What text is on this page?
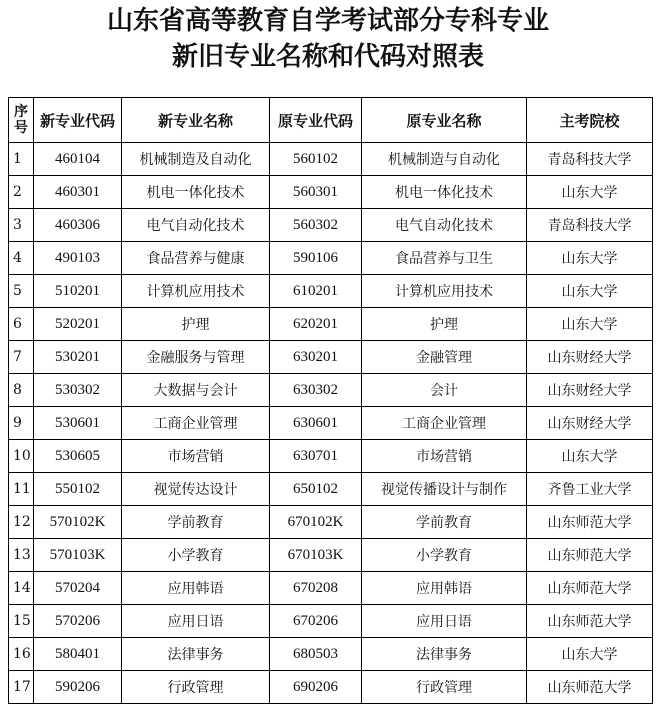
山东省高等教育自学考试部分专科专业
新旧专业名称和代码对照表
序号	新专业代码	新专业名称	原专业代码	原专业名称	主考院校
1	460104	机械制造及自动化	560102	机械制造与自动化	青岛科技大学
2	460301	机电一体化技术	560301	机电一体化技术	山东大学
3	460306	电气自动化技术	560302	电气自动化技术	青岛科技大学
4	490103	食品营养与健康	590106	食品营养与卫生	山东大学
5	510201	计算机应用技术	610201	计算机应用技术	山东大学
6	520201	护理	620201	护理	山东大学
7	530201	金融服务与管理	630201	金融管理	山东财经大学
8	530302	大数据与会计	630302	会计	山东财经大学
9	530601	工商企业管理	630601	工商企业管理	山东财经大学
10	530605	市场营销	630701	市场营销	山东大学
11	550102	视觉传达设计	650102	视觉传播设计与制作	齐鲁工业大学
12	570102K	学前教育	670102K	学前教育	山东师范大学
13	570103K	小学教育	670103K	小学教育	山东师范大学
14	570204	应用韩语	670208	应用韩语	山东师范大学
15	570206	应用日语	670206	应用日语	山东师范大学
16	580401	法律事务	680503	法律事务	山东大学
17	590206	行政管理	690206	行政管理	山东师范大学
